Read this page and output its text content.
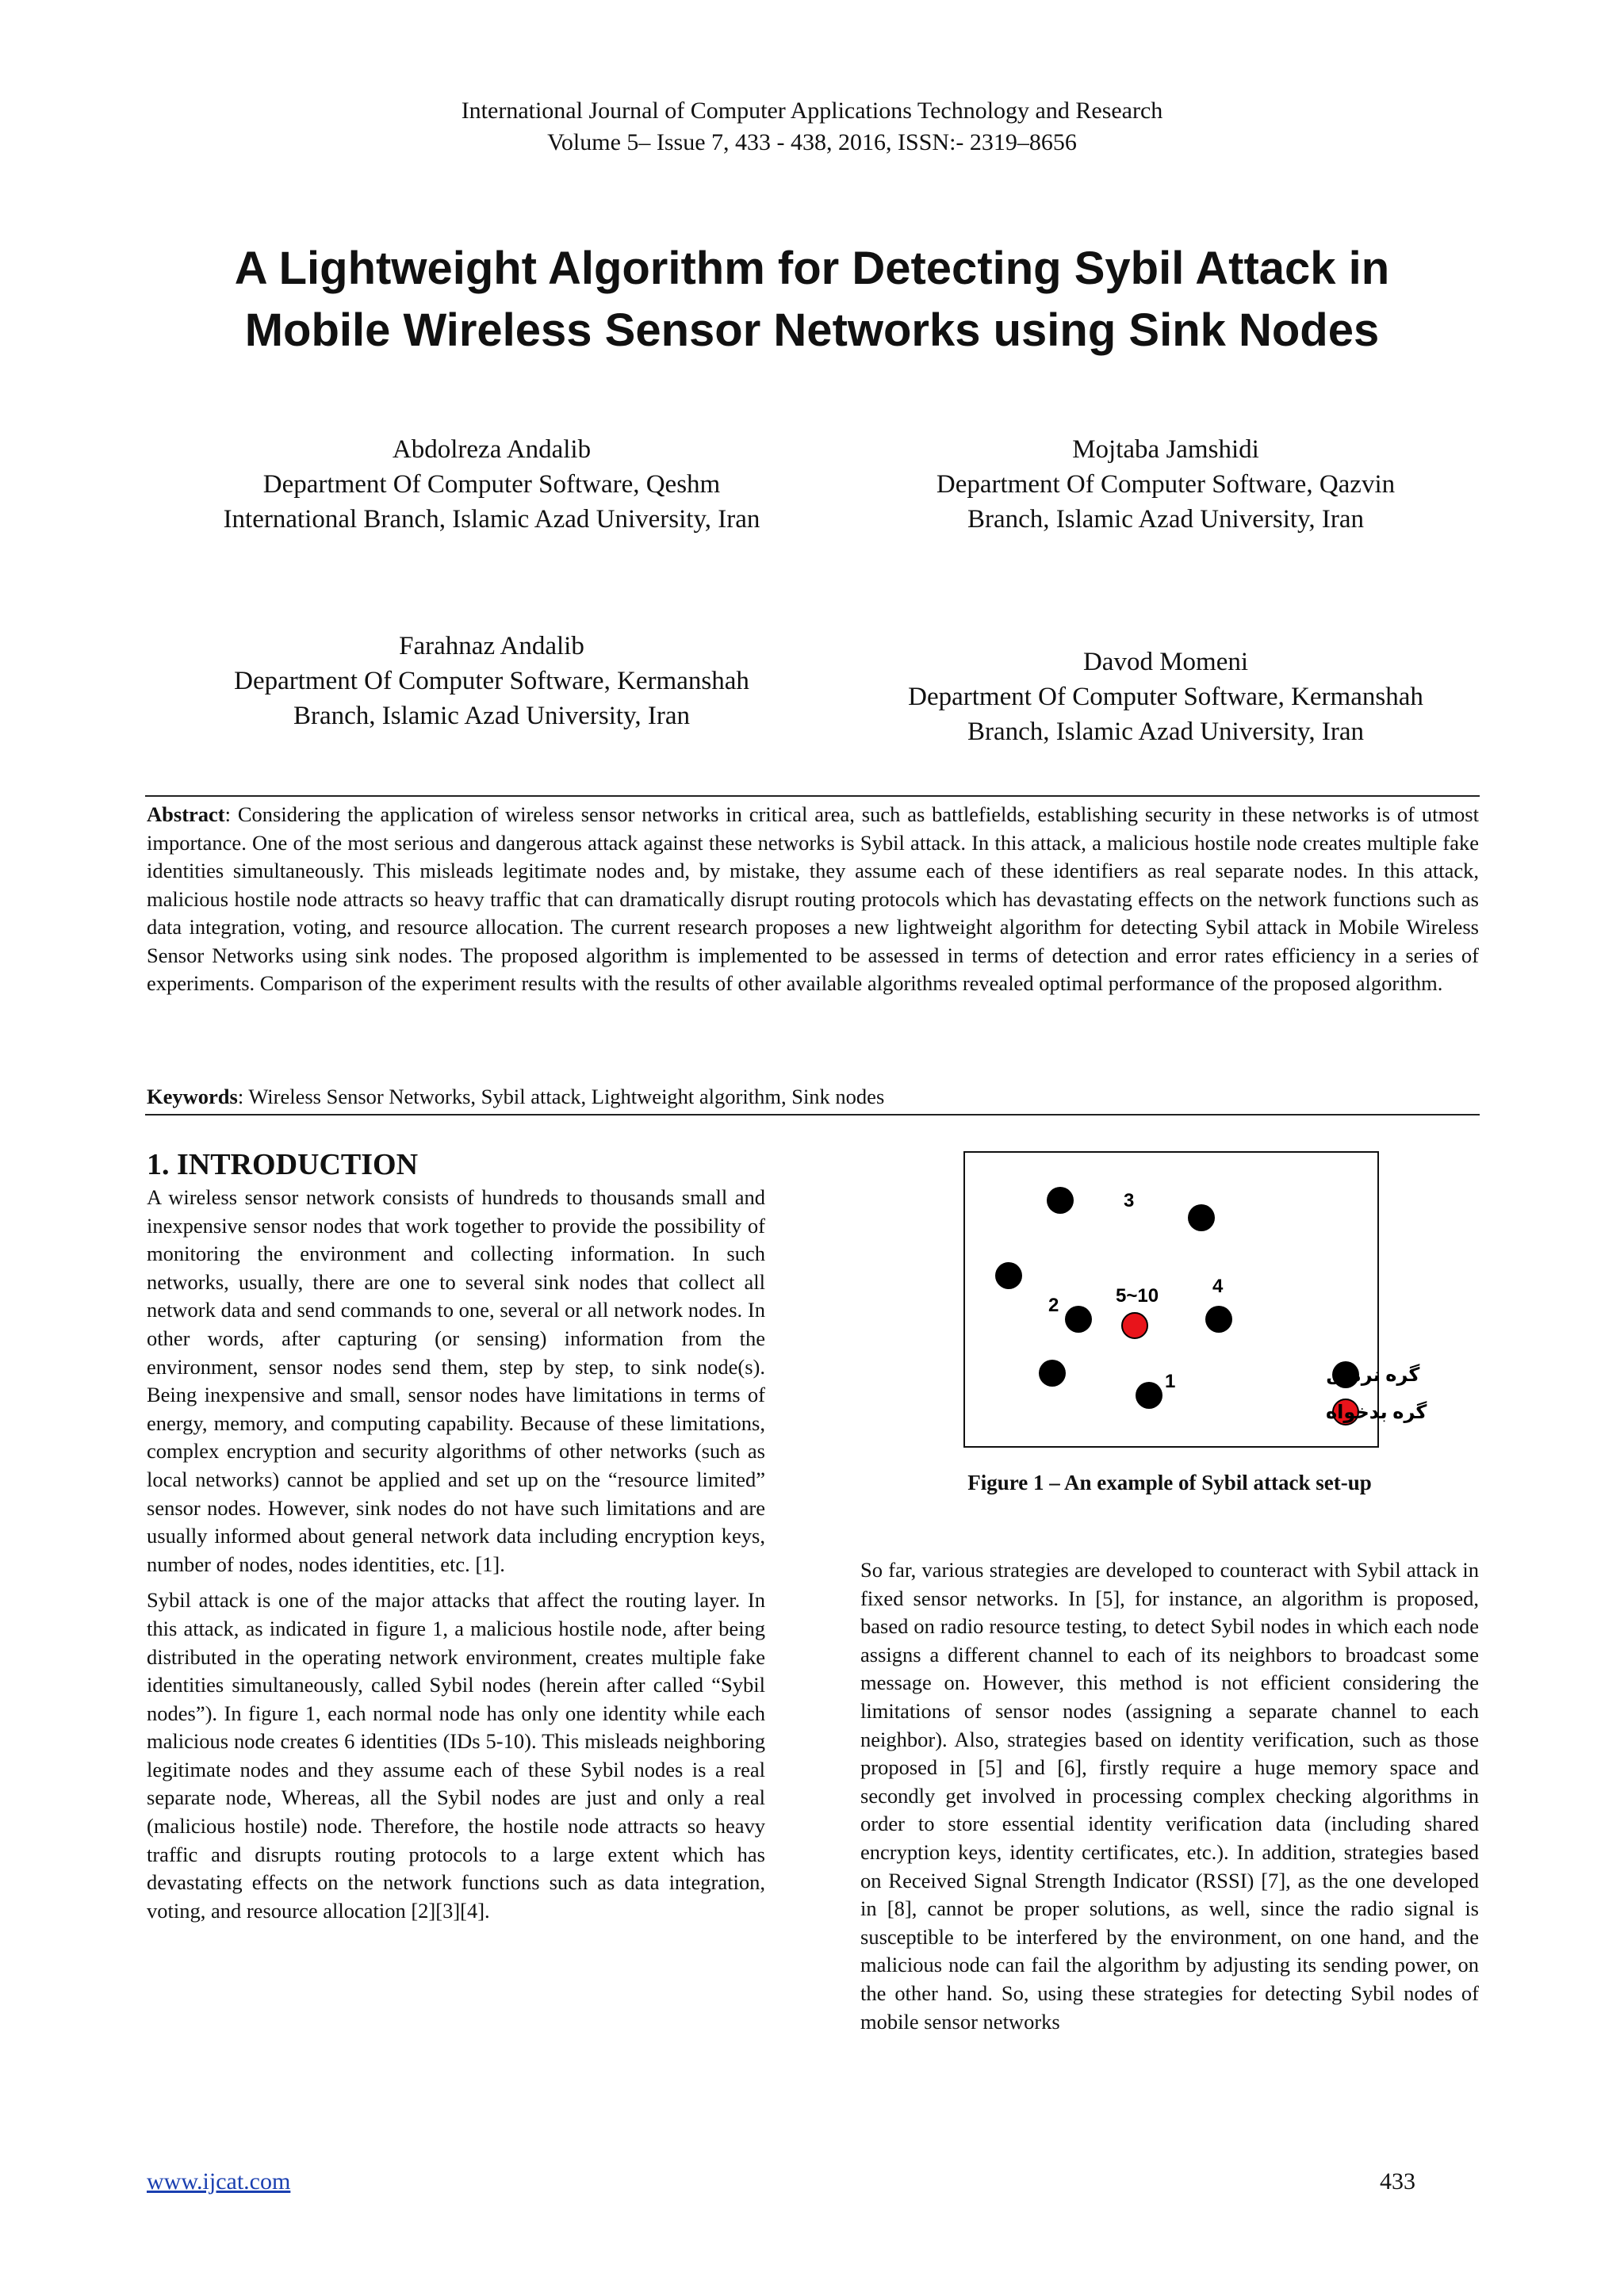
International Journal of Computer Applications Technology and Research
Volume 5– Issue 7, 433 - 438, 2016, ISSN:- 2319–8656
A Lightweight Algorithm for Detecting Sybil Attack in
Mobile Wireless Sensor Networks using Sink Nodes
Abdolreza Andalib
Department Of Computer Software, Qeshm
International Branch, Islamic Azad University, Iran
Mojtaba Jamshidi
Department Of Computer Software, Qazvin
Branch, Islamic Azad University, Iran
Farahnaz Andalib
Department Of Computer Software, Kermanshah
Branch, Islamic Azad University, Iran
Davod Momeni
Department Of Computer Software, Kermanshah
Branch, Islamic Azad University, Iran
Abstract: Considering the application of wireless sensor networks in critical area, such as battlefields, establishing security in these networks is of utmost importance. One of the most serious and dangerous attack against these networks is Sybil attack. In this attack, a malicious hostile node creates multiple fake identities simultaneously. This misleads legitimate nodes and, by mistake, they assume each of these identifiers as real separate nodes. In this attack, malicious hostile node attracts so heavy traffic that can dramatically disrupt routing protocols which has devastating effects on the network functions such as data integration, voting, and resource allocation. The current research proposes a new lightweight algorithm for detecting Sybil attack in Mobile Wireless Sensor Networks using sink nodes. The proposed algorithm is implemented to be assessed in terms of detection and error rates efficiency in a series of experiments. Comparison of the experiment results with the results of other available algorithms revealed optimal performance of the proposed algorithm.
Keywords: Wireless Sensor Networks, Sybil attack, Lightweight algorithm, Sink nodes
1. INTRODUCTION

A wireless sensor network consists of hundreds to thousands small and inexpensive sensor nodes that work together to provide the possibility of monitoring the environment and collecting information. In such networks, usually, there are one to several sink nodes that collect all network data and send commands to one, several or all network nodes. In other words, after capturing (or sensing) information from the environment, sensor nodes send them, step by step, to sink node(s). Being inexpensive and small, sensor nodes have limitations in terms of energy, memory, and computing capability. Because of these limitations, complex encryption and security algorithms of other networks (such as local networks) cannot be applied and set up on the “resource limited” sensor nodes. However, sink nodes do not have such limitations and are usually informed about general network data including encryption keys, number of nodes, nodes identities, etc. [1].

Sybil attack is one of the major attacks that affect the routing layer. In this attack, as indicated in figure 1, a malicious hostile node, after being distributed in the operating network environment, creates multiple fake identities simultaneously, called Sybil nodes (herein after called “Sybil nodes”). In figure 1, each normal node has only one identity while each malicious node creates 6 identities (IDs 5-10). This misleads neighboring legitimate nodes and they assume each of these Sybil nodes is a real separate node, Whereas, all the Sybil nodes are just and only a real (malicious hostile) node. Therefore, the hostile node attracts so heavy traffic and disrupts routing protocols to a large extent which has devastating effects on the network functions such as data integration, voting, and resource allocation [2][3][4].

3
2
4
1
5~10
گره نرمال
گره بدخواه
Figure 1 – An example of Sybil attack set-up

So far, various strategies are developed to counteract with Sybil attack in fixed sensor networks. In [5], for instance, an algorithm is proposed, based on radio resource testing, to detect Sybil nodes in which each node assigns a different channel to each of its neighbors to broadcast some message on. However, this method is not efficient considering the limitations of sensor nodes (assigning a separate channel to each neighbor). Also, strategies based on identity verification, such as those proposed in [5] and [6], firstly require a huge memory space and secondly get involved in processing complex checking algorithms in order to store essential identity verification data (including shared encryption keys, identity certificates, etc.). In addition, strategies based on Received Signal Strength Indicator (RSSI) [7], as the one developed in [8], cannot be proper solutions, as well, since the radio signal is susceptible to be interfered by the environment, on one hand, and the malicious node can fail the algorithm by adjusting its sending power, on the other hand. So, using these strategies for detecting Sybil nodes of mobile sensor networks

www.ijcat.com	433
